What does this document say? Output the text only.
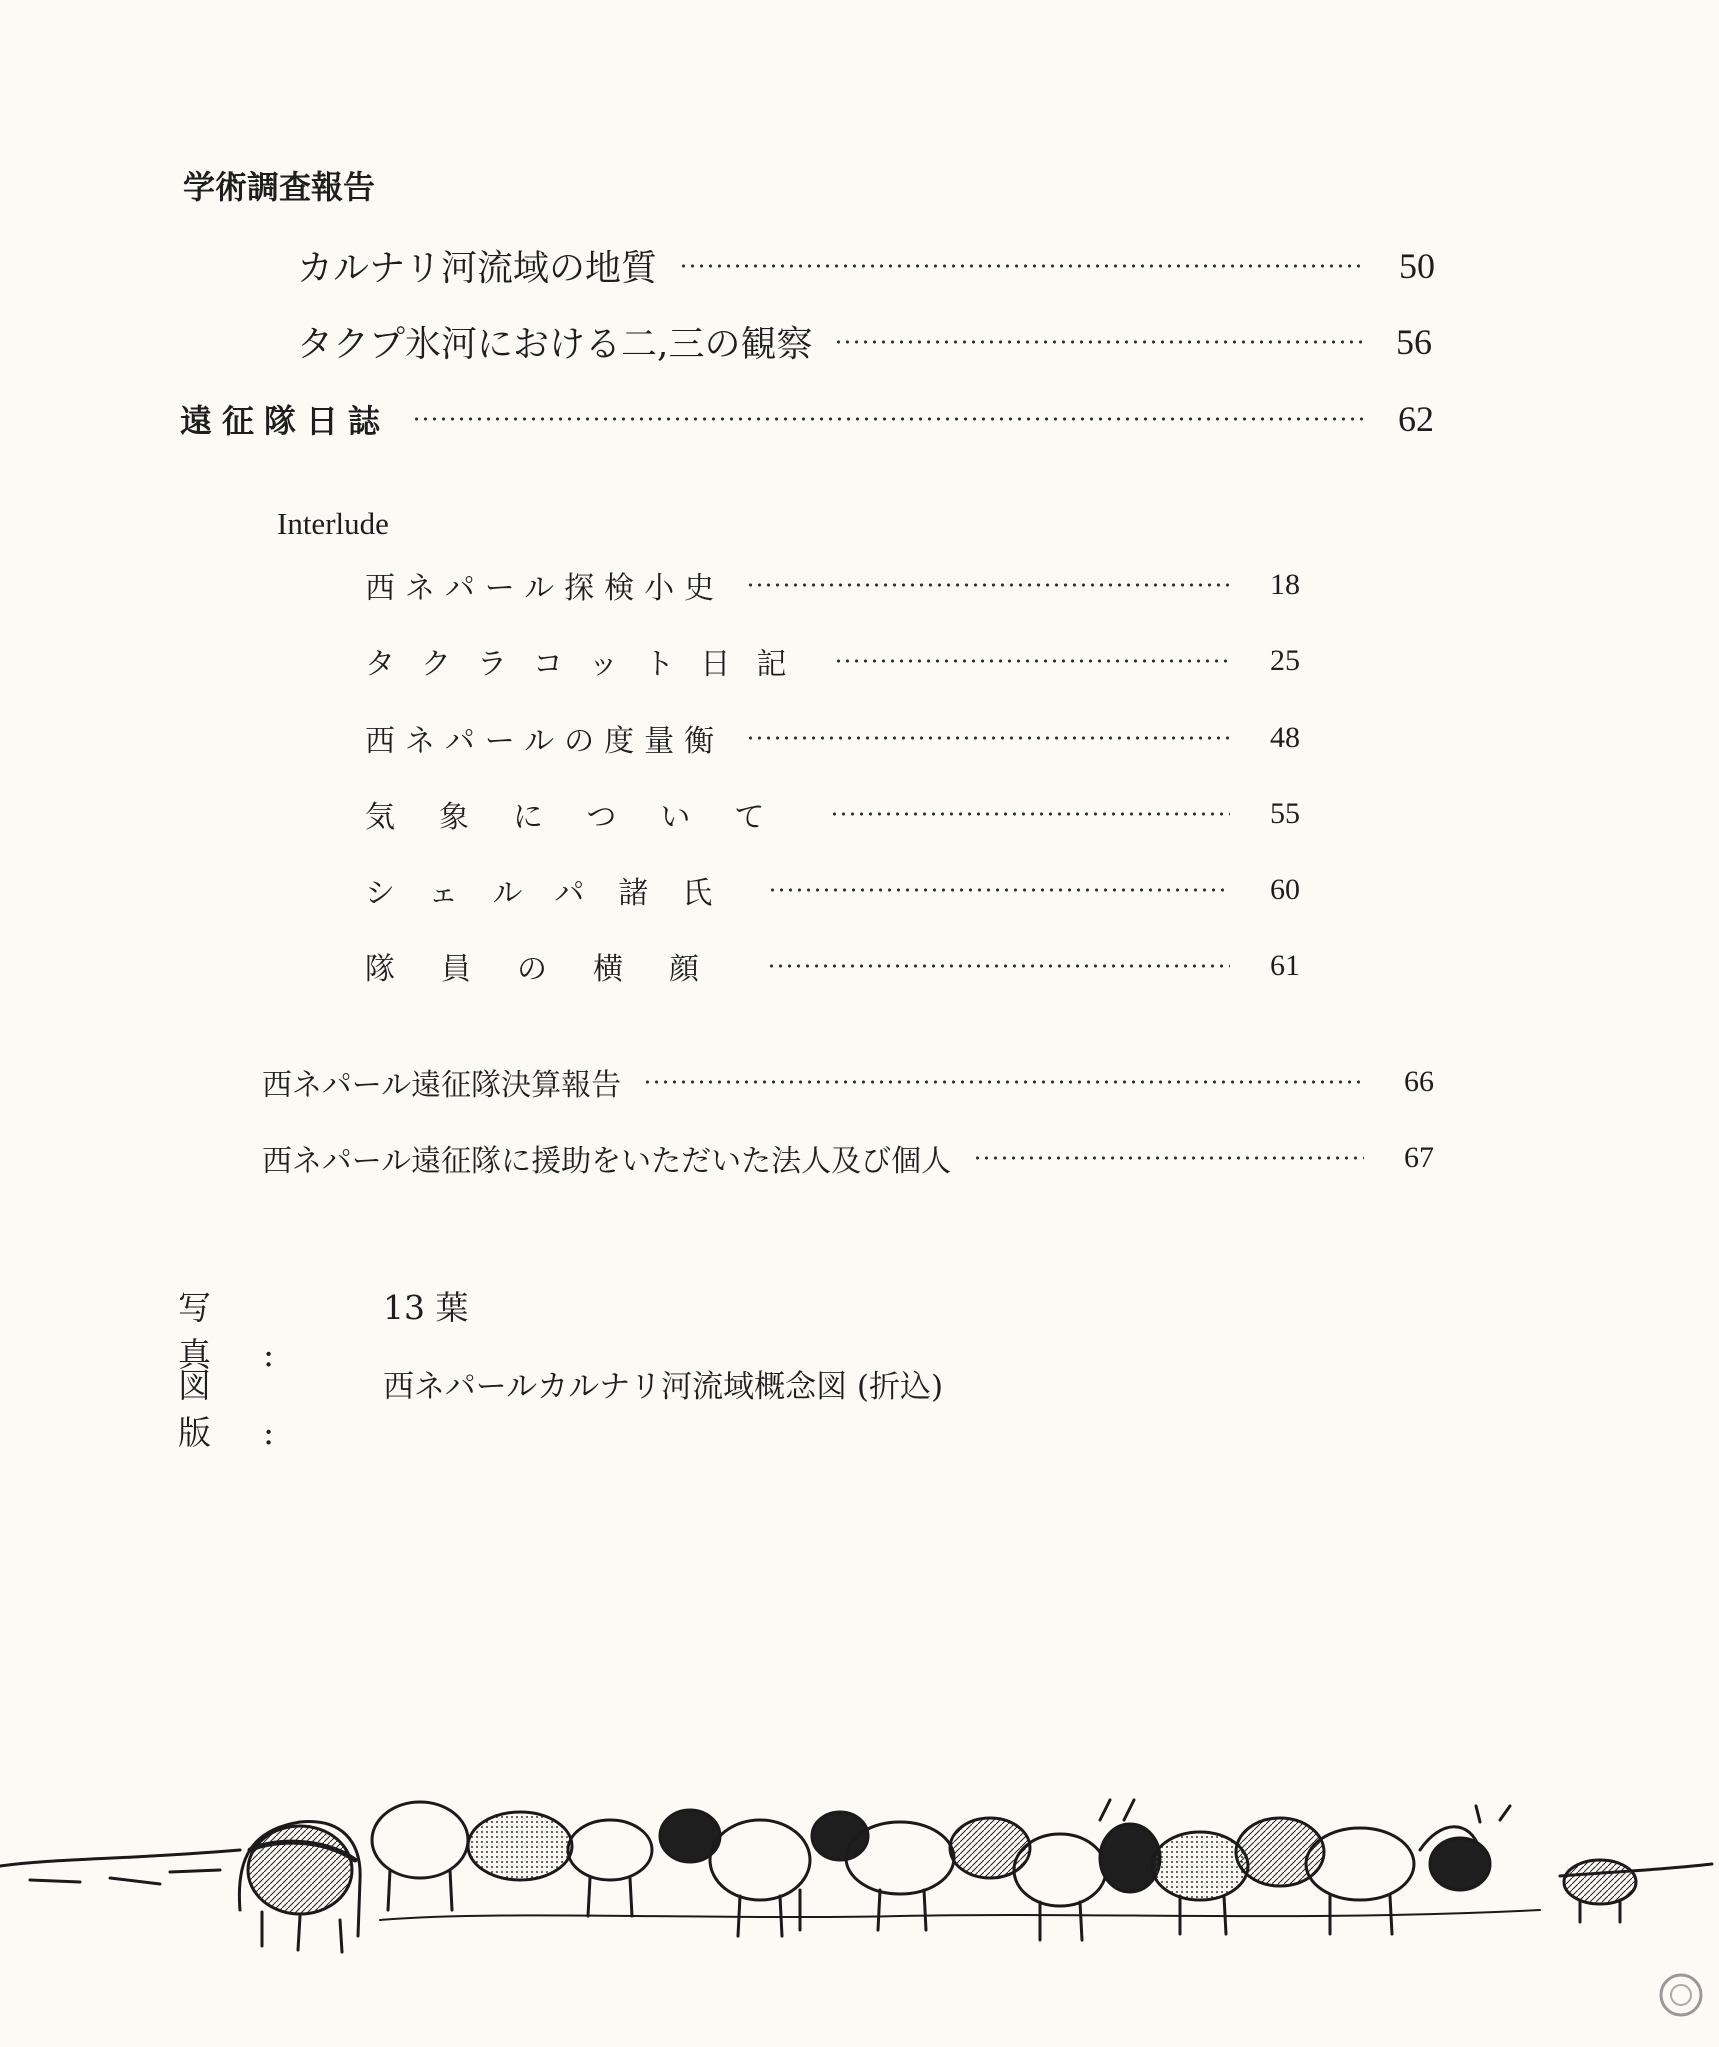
学術調査報告
カルナリ河流域の地質	50
タクプ氷河における二,三の観察	56
遠征隊日誌	62
Interlude
西ネパール探検小史	18
タクラコット日記	25
西ネパールの度量衡	48
気象について	55
シェルパ諸氏	60
隊員の横顔	61
西ネパール遠征隊決算報告	66
西ネパール遠征隊に援助をいただいた法人及び個人	67
写真:
13 葉
図版:
西ネパールカルナリ河流域概念図 (折込)
